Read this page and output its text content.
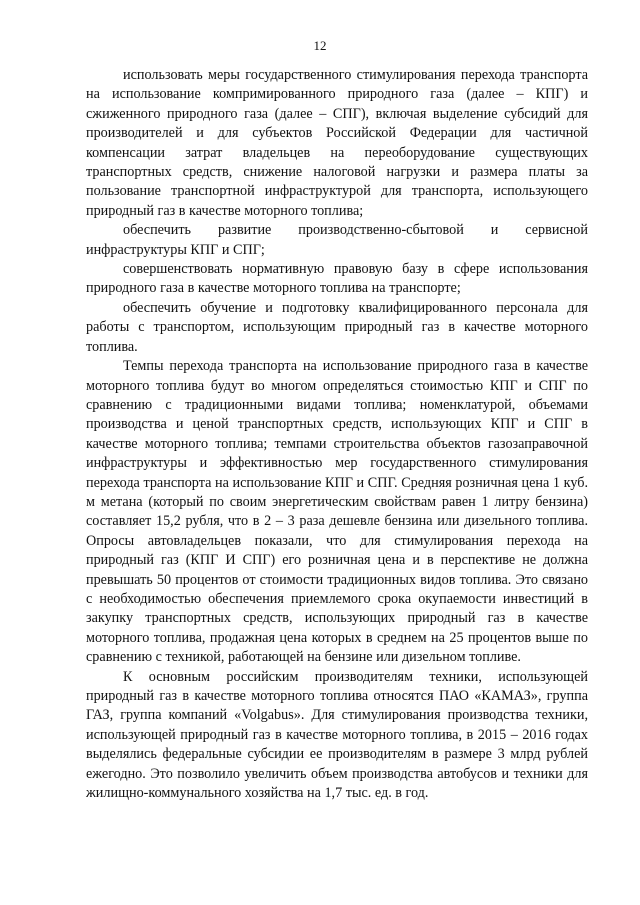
12

использовать меры государственного стимулирования перехода транспорта на использование компримированного природного газа (далее – КПГ) и сжиженного природного газа (далее – СПГ), включая выделение субсидий для производителей и для субъектов Российской Федерации для частичной компенсации затрат владельцев на переоборудование существующих транспортных средств, снижение налоговой нагрузки и размера платы за пользование транспортной инфраструктурой для транспорта, использующего природный газ в качестве моторного топлива;

обеспечить развитие производственно-сбытовой и сервисной инфраструктуры КПГ и СПГ;

совершенствовать нормативную правовую базу в сфере использования природного газа в качестве моторного топлива на транспорте;

обеспечить обучение и подготовку квалифицированного персонала для работы с транспортом, использующим природный газ в качестве моторного топлива.

Темпы перехода транспорта на использование природного газа в качестве моторного топлива будут во многом определяться стоимостью КПГ и СПГ по сравнению с традиционными видами топлива; номенклатурой, объемами производства и ценой транспортных средств, использующих КПГ и СПГ в качестве моторного топлива; темпами строительства объектов газозаправочной инфраструктуры и эффективностью мер государственного стимулирования перехода транспорта на использование КПГ и СПГ. Средняя розничная цена 1 куб. м метана (который по своим энергетическим свойствам равен 1 литру бензина) составляет 15,2 рубля, что в 2 – 3 раза дешевле бензина или дизельного топлива. Опросы автовладельцев показали, что для стимулирования перехода на природный газ (КПГ И СПГ) его розничная цена и в перспективе не должна превышать 50 процентов от стоимости традиционных видов топлива. Это связано с необходимостью обеспечения приемлемого срока окупаемости инвестиций в закупку транспортных средств, использующих природный газ в качестве моторного топлива, продажная цена которых в среднем на 25 процентов выше по сравнению с техникой, работающей на бензине или дизельном топливе.

К основным российским производителям техники, использующей природный газ в качестве моторного топлива относятся ПАО «КАМАЗ», группа ГАЗ, группа компаний «Volgabus». Для стимулирования производства техники, использующей природный газ в качестве моторного топлива, в 2015 – 2016 годах выделялись федеральные субсидии ее производителям в размере 3 млрд рублей ежегодно. Это позволило увеличить объем производства автобусов и техники для жилищно-коммунального хозяйства на 1,7 тыс. ед. в год.
